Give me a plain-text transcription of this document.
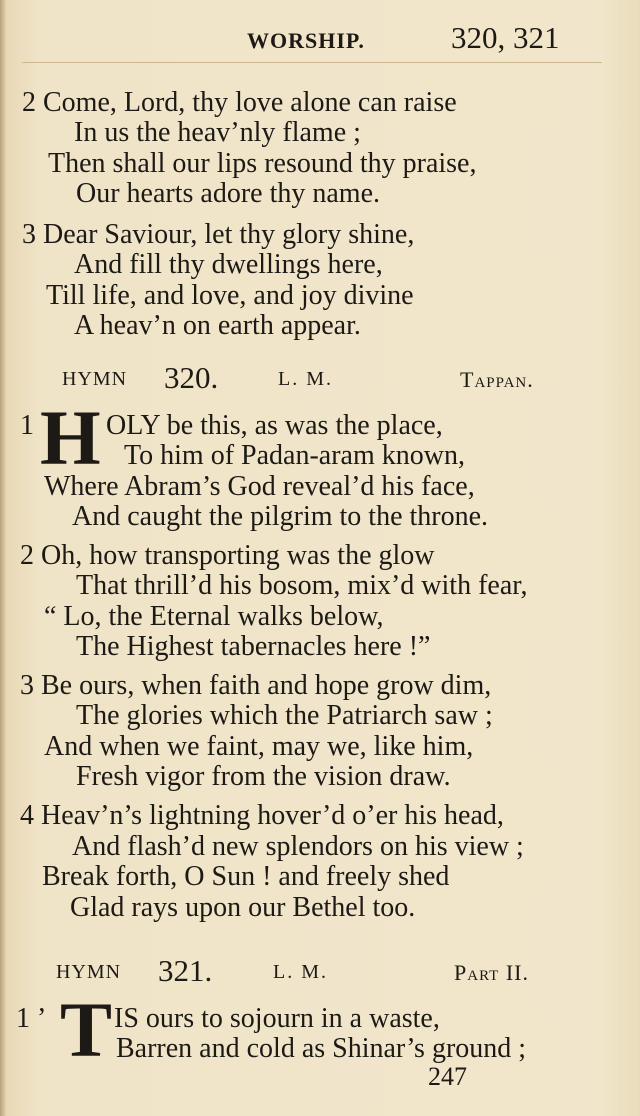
WORSHIP.	320, 321
2 Come, Lord, thy love alone can raise
In us the heav’nly flame ;
Then shall our lips resound thy praise,
Our hearts adore thy name.
3 Dear Saviour, let thy glory shine,
And fill thy dwellings here,
Till life, and love, and joy divine
A heav’n on earth appear.
HYMN 320.	L. M.	Tappan.
1 H OLY be this, as was the place,
To him of Padan-aram known,
Where Abram’s God reveal’d his face,
And caught the pilgrim to the throne.
2 Oh, how transporting was the glow
That thrill’d his bosom, mix’d with fear,
“ Lo, the Eternal walks below,
The Highest tabernacles here !”
3 Be ours, when faith and hope grow dim,
The glories which the Patriarch saw ;
And when we faint, may we, like him,
Fresh vigor from the vision draw.
4 Heav’n’s lightning hover’d o’er his head,
And flash’d new splendors on his view ;
Break forth, O Sun ! and freely shed
Glad rays upon our Bethel too.
HYMN 321.	L. M.	Part II.
1 ’ T IS ours to sojourn in a waste,
Barren and cold as Shinar’s ground ;
247
